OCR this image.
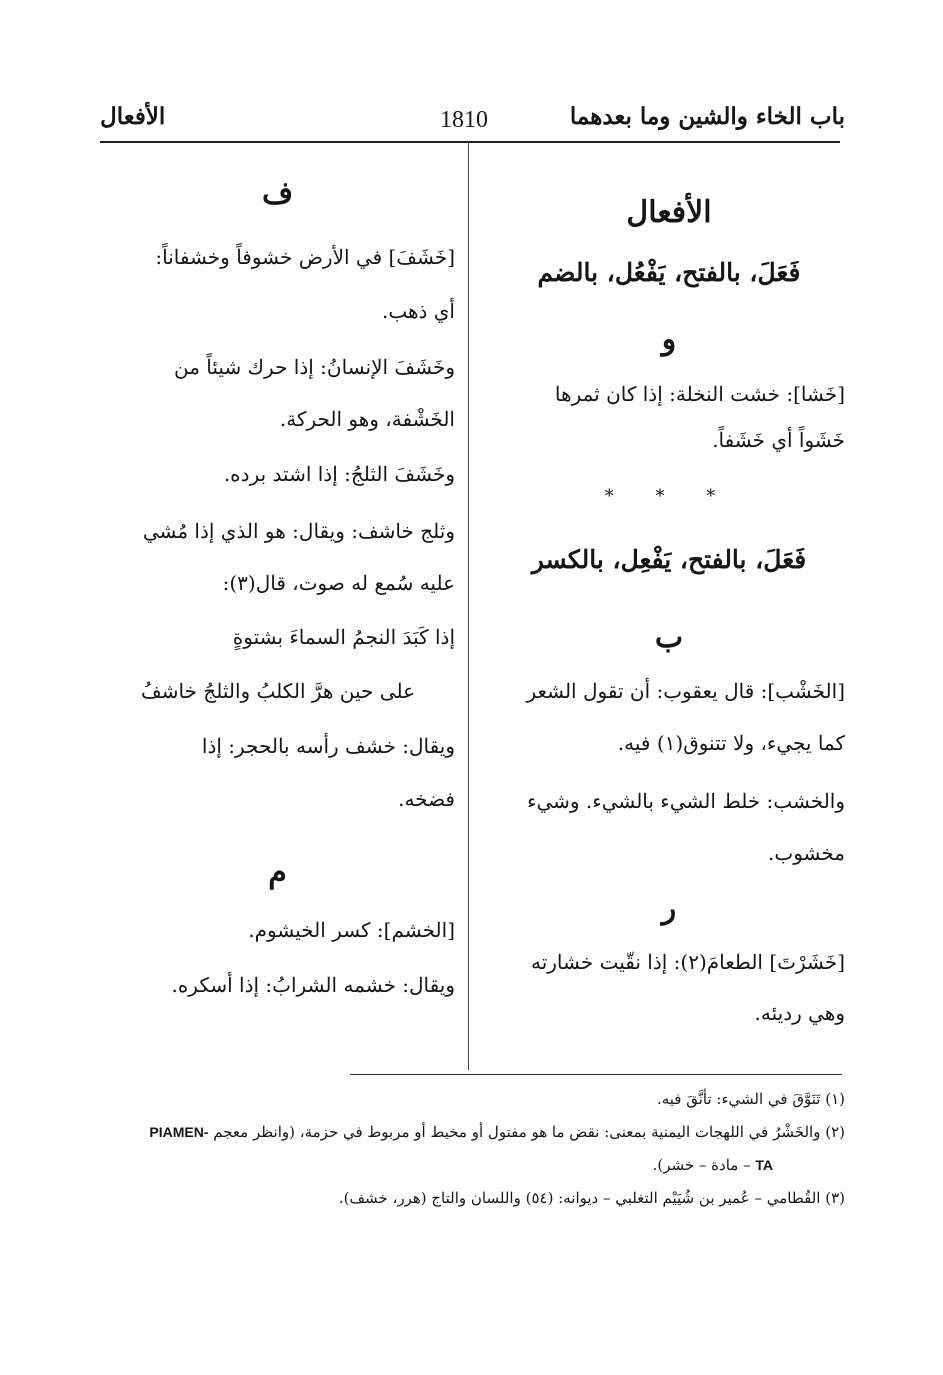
باب الخاء والشين وما بعدهما
1810
الأفعال
الأفعال
فَعَلَ، بالفتح، يَفْعُل، بالضم
و
[خَشا]: خشت النخلة: إذا كان ثمرها
خَشَواً أي خَشَفاً.
* * *
فَعَلَ، بالفتح، يَفْعِل، بالكسر
ب
[الخَشْب]: قال يعقوب: أن تقول الشعر
كما يجيء، ولا تتنوق(١) فيه.
والخشب: خلط الشيء بالشيء. وشيء
مخشوب.
ر
[خَشَرْتَ] الطعامَ(٢): إذا نقّيت خشارته
وهي رديئه.
ف
[خَشَفَ] في الأرض خشوفاً وخشفاناً:
أي ذهب.
وخَشَفَ الإنسانُ: إذا حرك شيئاً من
الخَشْفة، وهو الحركة.
وخَشَفَ الثلجُ: إذا اشتد برده.
وثلج خاشف: ويقال: هو الذي إذا مُشي
عليه سُمع له صوت، قال(٣):
إذا كَبَدَ النجمُ السماءَ بشتوةٍ
على حين هرَّ الكلبُ والثلجُ خاشفُ
ويقال: خشف رأسه بالحجر: إذا
فضخه.
م
[الخشم]: كسر الخيشوم.
ويقال: خشمه الشرابُ: إذا أسكره.
(١) تَنَوَّقَ في الشيء: تأنَّقَ فيه.
(٢) والخَشْرُ في اللهجات اليمنية بمعنى: نقض ما هو مفتول أو مخيط أو مربوط في حزمة، (وانظر معجم PIAMEN-
TA – مادة – خشر).
(٣) القُطامي – عُمير بن شُيَيْم التغلبي – ديوانه: (٥٤) واللسان والتاج (هرر، خشف).
